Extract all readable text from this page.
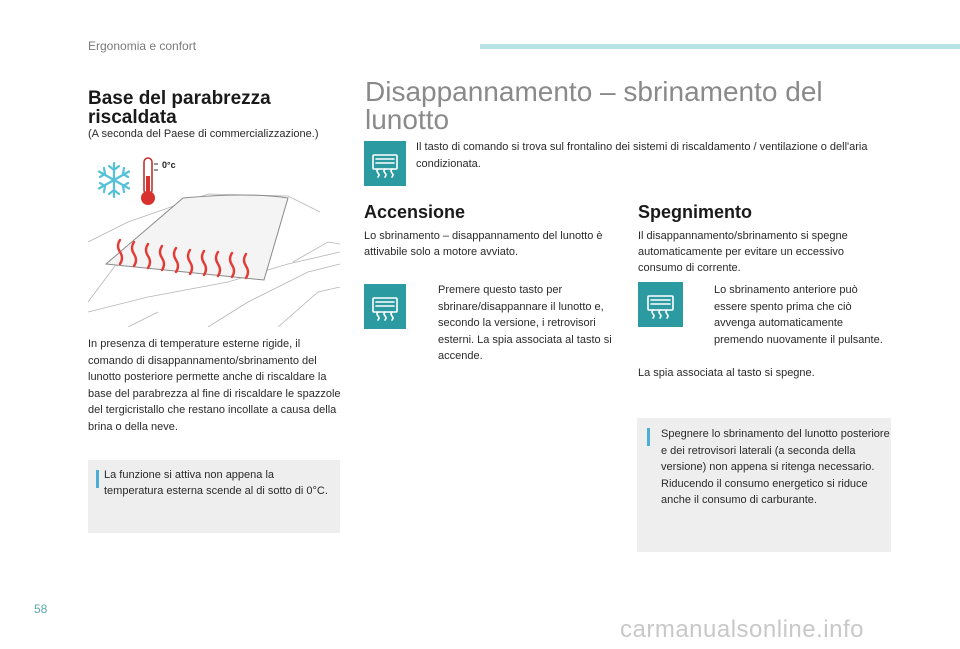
Ergonomia e confort
Base del parabrezza riscaldata

(A seconda del Paese di commercializzazione.)

0°c

In presenza di temperature esterne rigide, il comando di disappannamento/sbrinamento del lunotto posteriore permette anche di riscaldare la base del parabrezza al fine di riscaldare le spazzole del tergicristallo che restano incollate a causa della brina o della neve.

La funzione si attiva non appena la temperatura esterna scende al di sotto di 0°C.

Disappannamento – sbrinamento del lunotto

Il tasto di comando si trova sul frontalino dei sistemi di riscaldamento / ventilazione o dell'aria condizionata.

Accensione

Lo sbrinamento – disappannamento del lunotto è attivabile solo a motore avviato.

Premere questo tasto per sbrinare/disappannare il lunotto e, secondo la versione, i retrovisori esterni. La spia associata al tasto si accende.

Spegnimento

Il disappannamento/sbrinamento si spegne automaticamente per evitare un eccessivo consumo di corrente.

Lo sbrinamento anteriore può essere spento prima che ciò avvenga automaticamente premendo nuovamente il pulsante.

La spia associata al tasto si spegne.

Spegnere lo sbrinamento del lunotto posteriore e dei retrovisori laterali (a seconda della versione) non appena si ritenga necessario.
Riducendo il consumo energetico si riduce anche il consumo di carburante.

58
carmanualsonline.info
